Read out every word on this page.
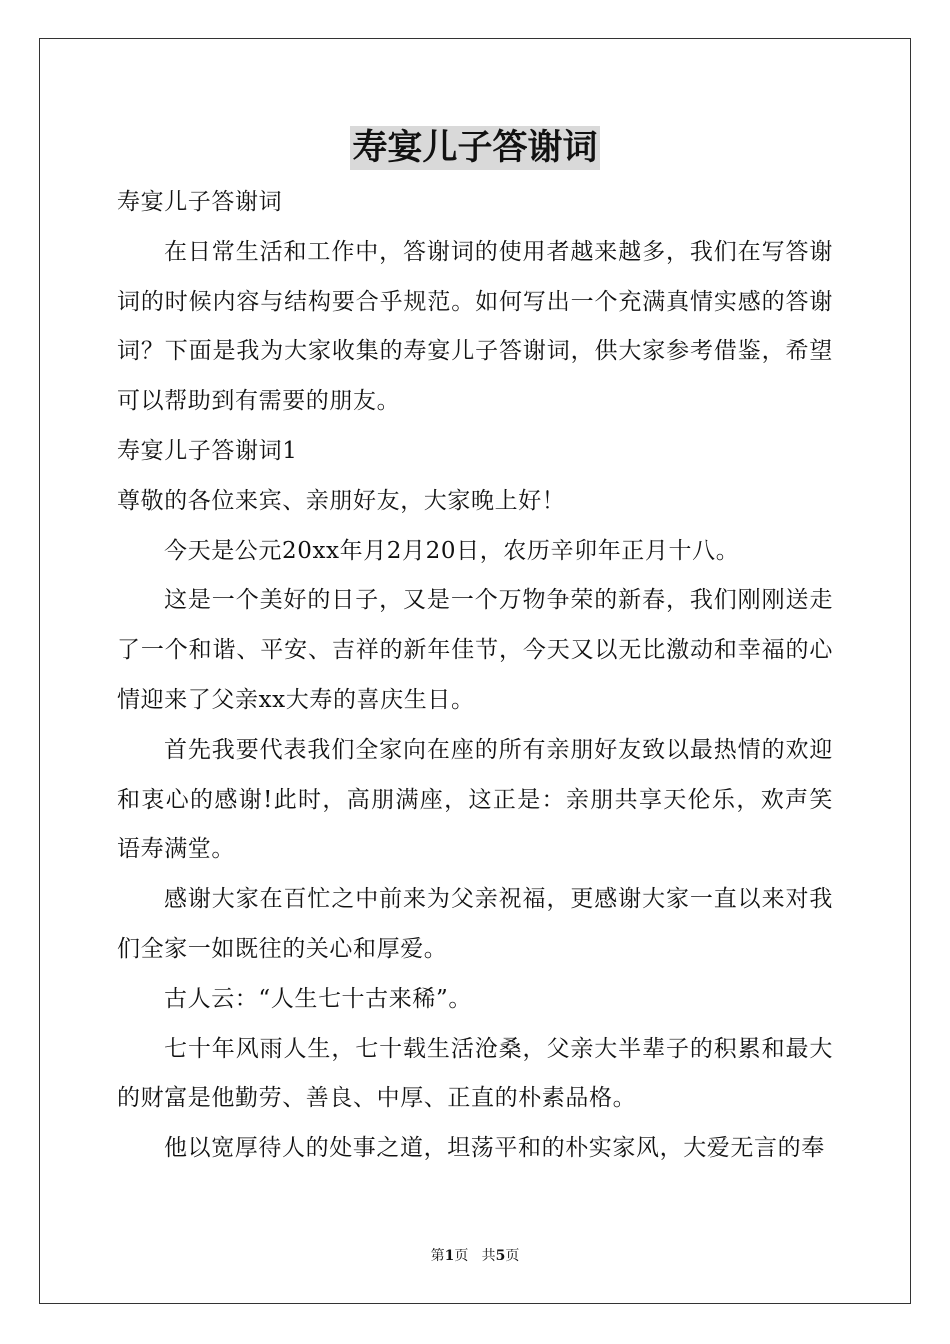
寿宴儿子答谢词

寿宴儿子答谢词

在日常生活和工作中，答谢词的使用者越来越多，我们在写答谢词的时候内容与结构要合乎规范。如何写出一个充满真情实感的答谢词？下面是我为大家收集的寿宴儿子答谢词，供大家参考借鉴，希望可以帮助到有需要的朋友。

寿宴儿子答谢词1

尊敬的各位来宾、亲朋好友，大家晚上好！

今天是公元20xx年月2月20日，农历辛卯年正月十八。

这是一个美好的日子，又是一个万物争荣的新春，我们刚刚送走了一个和谐、平安、吉祥的新年佳节，今天又以无比激动和幸福的心情迎来了父亲xx大寿的喜庆生日。

首先我要代表我们全家向在座的所有亲朋好友致以最热情的欢迎和衷心的感谢!此时，高朋满座，这正是：亲朋共享天伦乐，欢声笑语寿满堂。

感谢大家在百忙之中前来为父亲祝福，更感谢大家一直以来对我们全家一如既往的关心和厚爱。

古人云：“人生七十古来稀”。

七十年风雨人生，七十载生活沧桑，父亲大半辈子的积累和最大的财富是他勤劳、善良、中厚、正直的朴素品格。

他以宽厚待人的处事之道，坦荡平和的朴实家风，大爱无言的奉

第1页 共5页
